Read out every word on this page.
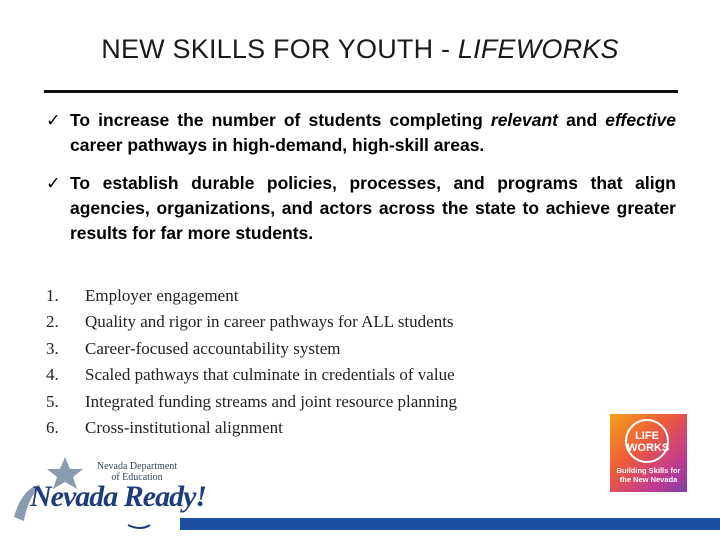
NEW SKILLS FOR YOUTH - LIFEWORKS
✓ To increase the number of students completing relevant and effective career pathways in high-demand, high-skill areas.
✓ To establish durable policies, processes, and programs that align agencies, organizations, and actors across the state to achieve greater results for far more students.
1. Employer engagement
2. Quality and rigor in career pathways for ALL students
3. Career-focused accountability system
4. Scaled pathways that culminate in credentials of value
5. Integrated funding streams and joint resource planning
6. Cross-institutional alignment	LIFE
WORKS
Building Skills for
the New Nevada
Nevada Department
of Education
Nevada Ready!
